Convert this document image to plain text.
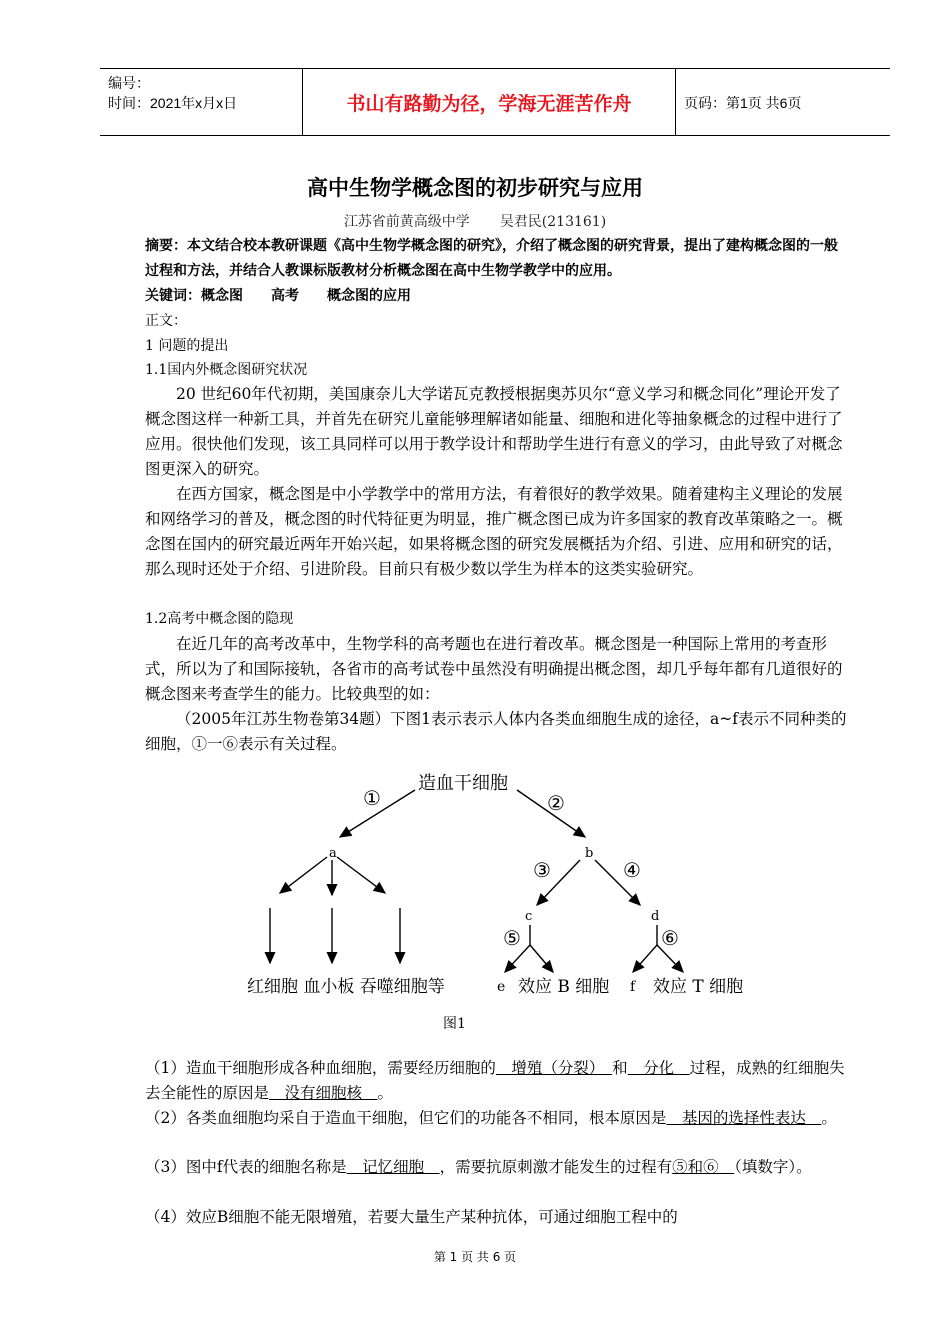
编号：
时间：2021年x月x日	书山有路勤为径，学海无涯苦作舟	页码：第1页 共6页
高中生物学概念图的初步研究与应用
江苏省前黄高级中学 吴君民(213161)
摘要：本文结合校本教研课题《高中生物学概念图的研究》，介绍了概念图的研究背景，提出了建构概念图的一般过程和方法，并结合人教课标版教材分析概念图在高中生物学教学中的应用。
关键词：概念图　　高考　　概念图的应用
正文：
1 问题的提出
1.1国内外概念图研究状况
20 世纪60年代初期，美国康奈儿大学诺瓦克教授根据奥苏贝尔“意义学习和概念同化”理论开发了概念图这样一种新工具，并首先在研究儿童能够理解诸如能量、细胞和进化等抽象概念的过程中进行了应用。很快他们发现，该工具同样可以用于教学设计和帮助学生进行有意义的学习，由此导致了对概念图更深入的研究。
在西方国家，概念图是中小学教学中的常用方法，有着很好的教学效果。随着建构主义理论的发展和网络学习的普及，概念图的时代特征更为明显，推广概念图已成为许多国家的教育改革策略之一。概念图在国内的研究最近两年开始兴起，如果将概念图的研究发展概括为介绍、引进、应用和研究的话，那么现时还处于介绍、引进阶段。目前只有极少数以学生为样本的这类实验研究。
1.2高考中概念图的隐现
在近几年的高考改革中，生物学科的高考题也在进行着改革。概念图是一种国际上常用的考查形式，所以为了和国际接轨，各省市的高考试卷中虽然没有明确提出概念图，却几乎每年都有几道很好的概念图来考查学生的能力。比较典型的如：
（2005年江苏生物卷第34题）下图1表示表示人体内各类血细胞生成的途径，a~f表示不同种类的细胞，①一⑥表示有关过程。
造血干细胞
①	②
a	b
③	④
c	d
⑤	⑥
红细胞 血小板 吞噬细胞等	e 效应 B 细胞 f 效应 T 细胞
图1
（1）造血干细胞形成各种血细胞，需要经历细胞的　增殖（分裂）　和　分化　过程，成熟的红细胞失去全能性的原因是　没有细胞核　。
（2）各类血细胞均采自于造血干细胞，但它们的功能各不相同，根本原因是　基因的选择性表达　。
（3）图中f代表的细胞名称是　记忆细胞　，需要抗原刺激才能发生的过程有⑤和⑥　（填数字）。
（4）效应B细胞不能无限增殖，若要大量生产某种抗体，可通过细胞工程中的
第 1 页 共 6 页
